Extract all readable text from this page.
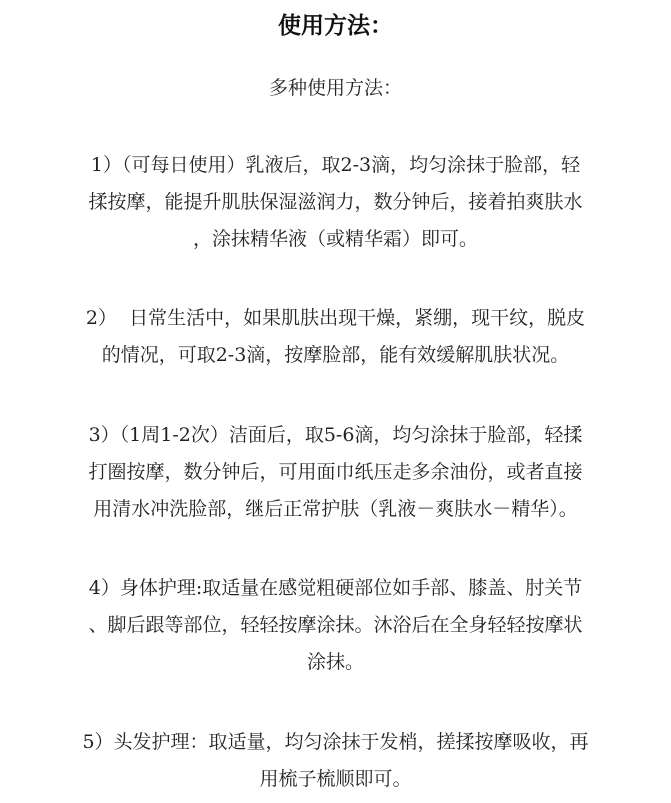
使用方法：
多种使用方法：
1）（可每日使用）乳液后，取2-3滴，均匀涂抹于脸部，轻
揉按摩，能提升肌肤保湿滋润力，数分钟后，接着拍爽肤水
，涂抹精华液（或精华霜）即可。
2）  日常生活中，如果肌肤出现干燥，紧绷，现干纹，脱皮
的情况，可取2-3滴，按摩脸部，能有效缓解肌肤状况。
3）（1周1-2次）洁面后，取5-6滴，均匀涂抹于脸部，轻揉
打圈按摩，数分钟后，可用面巾纸压走多余油份，或者直接
用清水冲洗脸部，继后正常护肤（乳液－爽肤水－精华）。
4）身体护理:取适量在感觉粗硬部位如手部、膝盖、肘关节
、脚后跟等部位，轻轻按摩涂抹。沐浴后在全身轻轻按摩状
涂抹。
5）头发护理：取适量，均匀涂抹于发梢，搓揉按摩吸收，再
用梳子梳顺即可。
